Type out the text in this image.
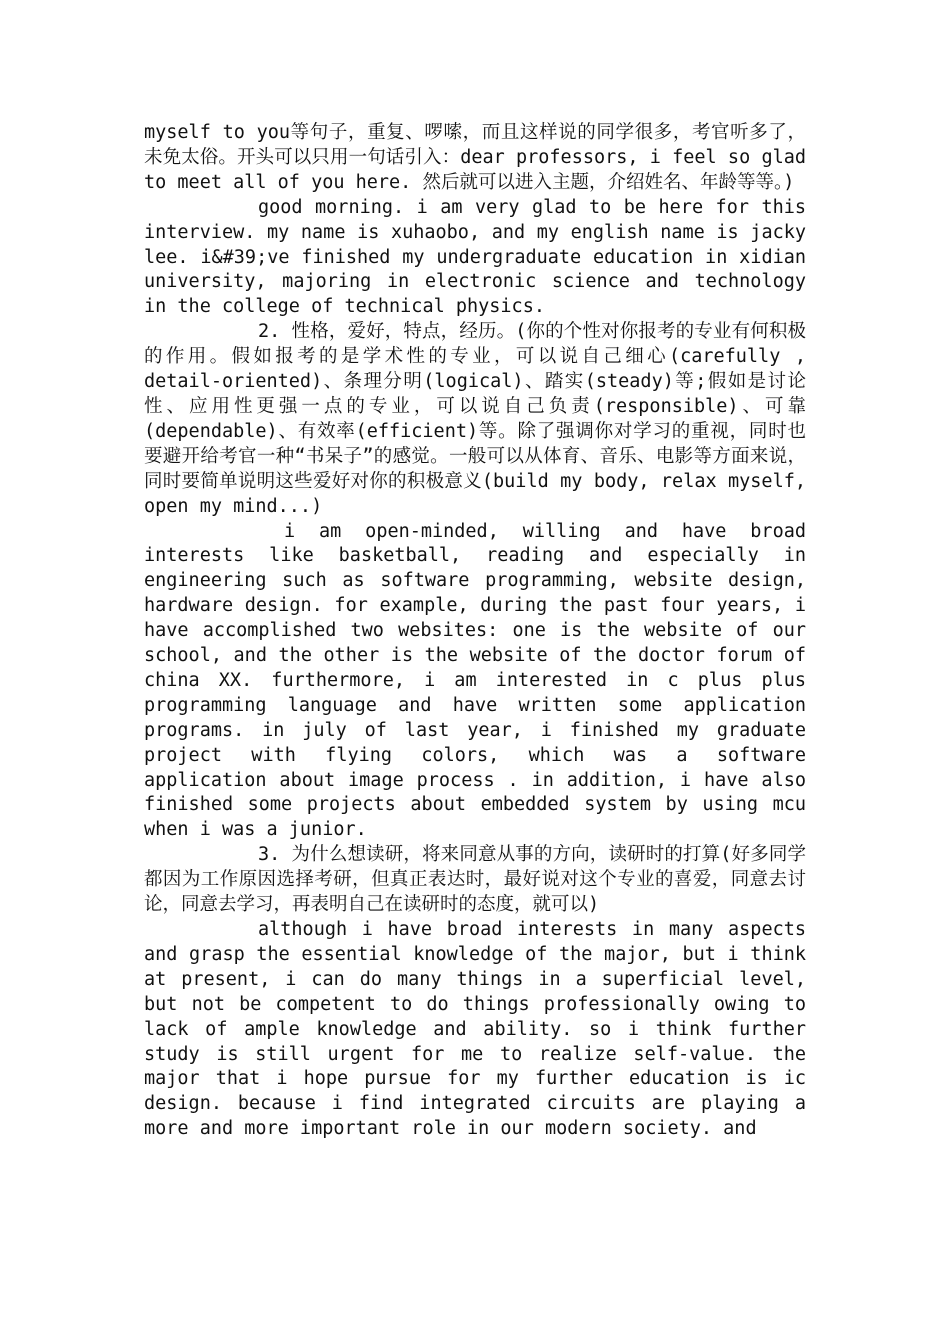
myself to you等句子，重复、啰嗦，而且这样说的同学很多，考官听多了，未免太俗。开头可以只用一句话引入：dear professors, i feel so glad to meet all of you here. 然后就可以进入主题，介绍姓名、年龄等等。)

good morning. i am very glad to be here for this interview. my name is xuhaobo, and my english name is jacky lee. i&#39;ve finished my undergraduate education in xidian university, majoring in electronic science and technology in the college of technical physics.

2. 性格，爱好，特点，经历。(你的个性对你报考的专业有何积极的作用。假如报考的是学术性的专业，可以说自己细心(carefully , detail-oriented)、条理分明(logical)、踏实(steady)等;假如是讨论性、应用性更强一点的专业，可以说自己负责(responsible)、可靠(dependable)、有效率(efficient)等。除了强调你对学习的重视，同时也要避开给考官一种“书呆子”的感觉。一般可以从体育、音乐、电影等方面来说，同时要简单说明这些爱好对你的积极意义(build my body, relax myself, open my mind...)

i am open-minded, willing and have broad interests like basketball, reading and especially in engineering such as software programming, website design, hardware design. for example, during the past four years, i have accomplished two websites: one is the website of our school, and the other is the website of the doctor forum of china XX. furthermore, i am interested in c plus plus programming language and have written some application programs. in july of last year, i finished my graduate project with flying colors, which was a software application about image process . in addition, i have also finished some projects about embedded system by using mcu when i was a junior.

3. 为什么想读研，将来同意从事的方向，读研时的打算(好多同学都因为工作原因选择考研，但真正表达时，最好说对这个专业的喜爱，同意去讨论，同意去学习，再表明自己在读研时的态度，就可以)

although i have broad interests in many aspects and grasp the essential knowledge of the major, but i think at present, i can do many things in a superficial level, but not be competent to do things professionally owing to lack of ample knowledge and ability. so i think further study is still urgent for me to realize self-value. the major that i hope pursue for my further education is ic design. because i find integrated circuits are playing a more and more important role in our modern society. and
